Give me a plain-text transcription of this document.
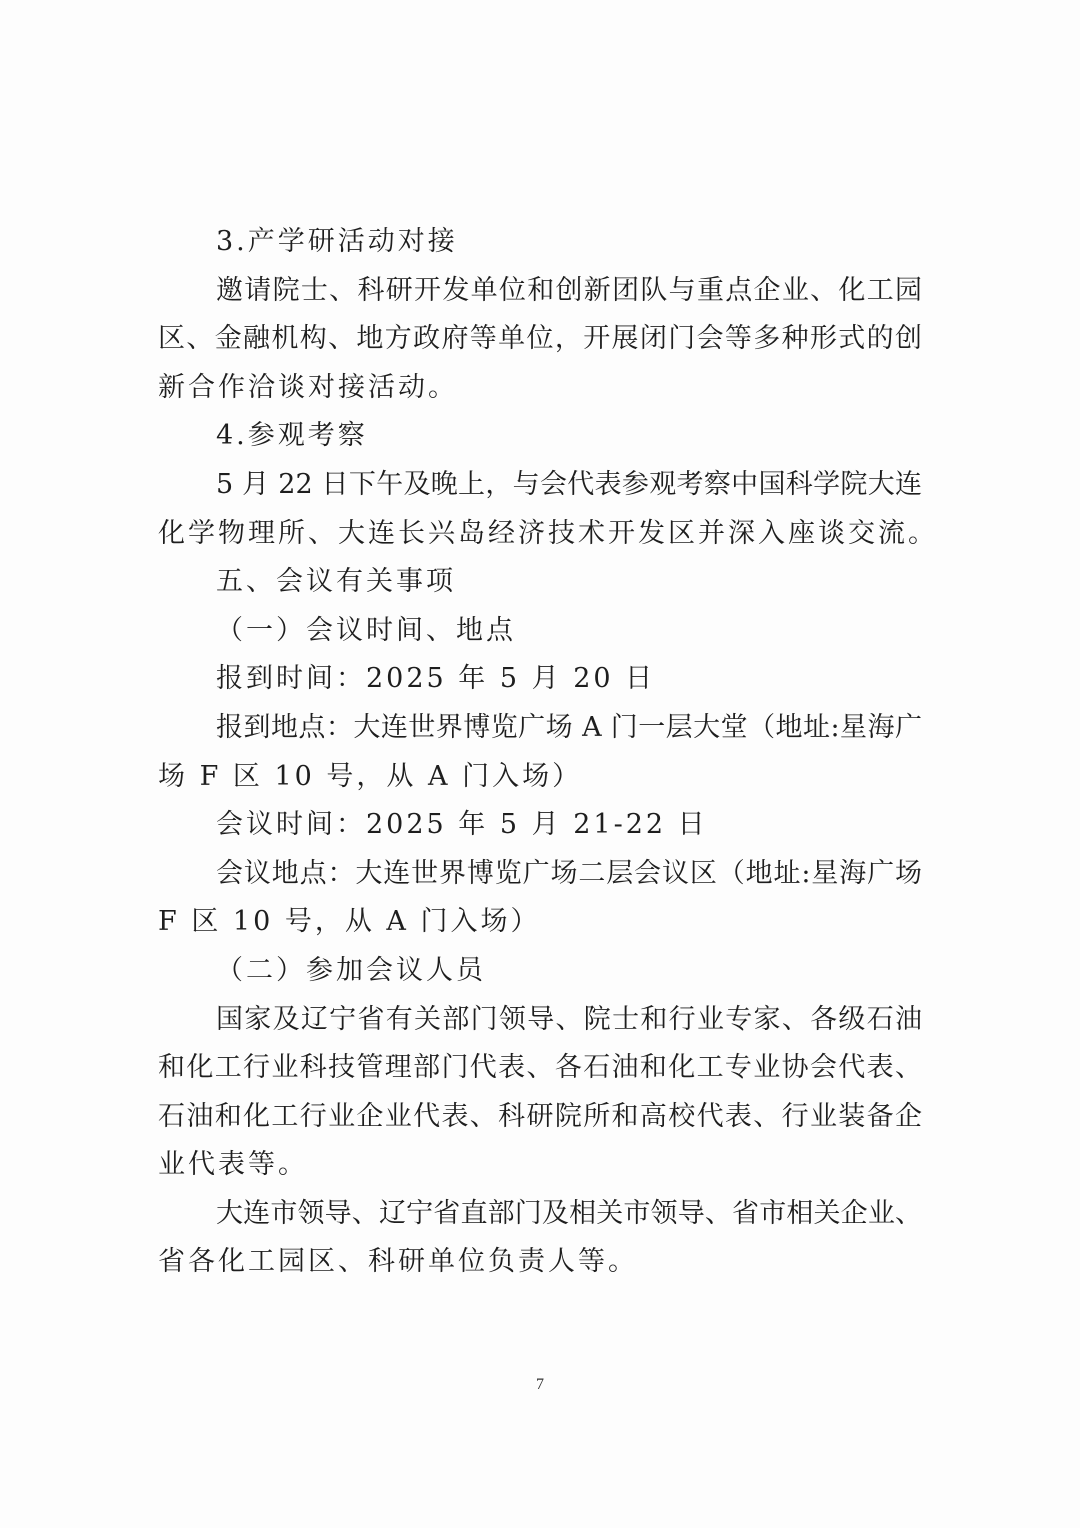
3.产学研活动对接

邀请院士、科研开发单位和创新团队与重点企业、化工园

区、金融机构、地方政府等单位，开展闭门会等多种形式的创

新合作洽谈对接活动。

4.参观考察

5 月 22 日下午及晚上，与会代表参观考察中国科学院大连

化学物理所、大连长兴岛经济技术开发区并深入座谈交流。

五、会议有关事项

（一）会议时间、地点

报到时间：2025 年 5 月 20 日

报到地点：大连世界博览广场 A 门一层大堂（地址:星海广

场 F 区 10 号，从 A 门入场）

会议时间：2025 年 5 月 21-22 日

会议地点：大连世界博览广场二层会议区（地址:星海广场

F 区 10 号，从 A 门入场）

（二）参加会议人员

国家及辽宁省有关部门领导、院士和行业专家、各级石油

和化工行业科技管理部门代表、各石油和化工专业协会代表、

石油和化工行业企业代表、科研院所和高校代表、行业装备企

业代表等。

大连市领导、辽宁省直部门及相关市领导、省市相关企业、

省各化工园区、科研单位负责人等。

7
